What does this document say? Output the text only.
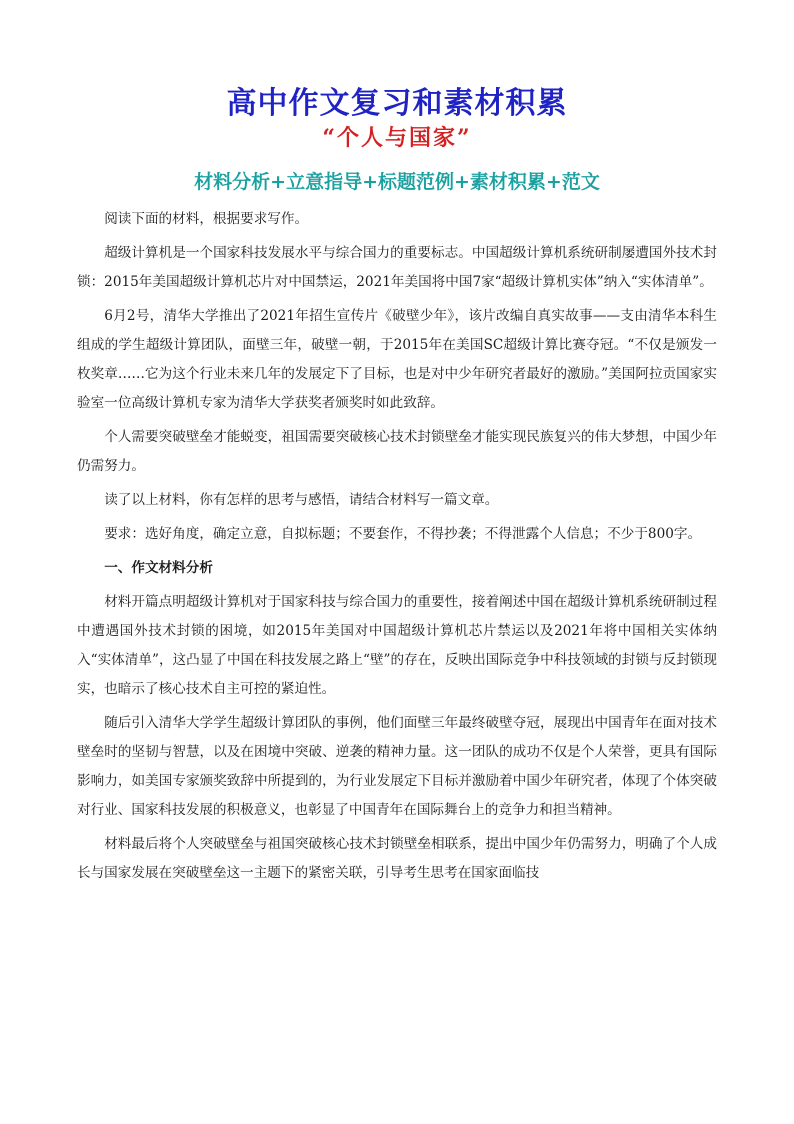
高中作文复习和素材积累
“个人与国家”
材料分析+立意指导+标题范例+素材积累+范文

阅读下面的材料，根据要求写作。

超级计算机是一个国家科技发展水平与综合国力的重要标志。中国超级计算机系统研制屡遭国外技术封锁：2015年美国超级计算机芯片对中国禁运，2021年美国将中国7家“超级计算机实体”纳入“实体清单”。

6月2号，清华大学推出了2021年招生宣传片《破壁少年》，该片改编自真实故事——支由清华本科生组成的学生超级计算团队，面壁三年，破壁一朝，于2015年在美国SC超级计算比赛夺冠。“不仅是颁发一枚奖章……它为这个行业未来几年的发展定下了目标，也是对中少年研究者最好的激励。”美国阿拉贡国家实验室一位高级计算机专家为清华大学获奖者颁奖时如此致辞。

个人需要突破壁垒才能蜕变，祖国需要突破核心技术封锁壁垒才能实现民族复兴的伟大梦想，中国少年仍需努力。

读了以上材料，你有怎样的思考与感悟，请结合材料写一篇文章。

要求：选好角度，确定立意，自拟标题；不要套作，不得抄袭；不得泄露个人信息；不少于800字。

一、作文材料分析

材料开篇点明超级计算机对于国家科技与综合国力的重要性，接着阐述中国在超级计算机系统研制过程中遭遇国外技术封锁的困境，如2015年美国对中国超级计算机芯片禁运以及2021年将中国相关实体纳入“实体清单”，这凸显了中国在科技发展之路上“壁”的存在，反映出国际竞争中科技领域的封锁与反封锁现实，也暗示了核心技术自主可控的紧迫性。

随后引入清华大学学生超级计算团队的事例，他们面壁三年最终破壁夺冠，展现出中国青年在面对技术壁垒时的坚韧与智慧，以及在困境中突破、逆袭的精神力量。这一团队的成功不仅是个人荣誉，更具有国际影响力，如美国专家颁奖致辞中所提到的，为行业发展定下目标并激励着中国少年研究者，体现了个体突破对行业、国家科技发展的积极意义，也彰显了中国青年在国际舞台上的竞争力和担当精神。

材料最后将个人突破壁垒与祖国突破核心技术封锁壁垒相联系，提出中国少年仍需努力，明确了个人成长与国家发展在突破壁垒这一主题下的紧密关联，引导考生思考在国家面临技
